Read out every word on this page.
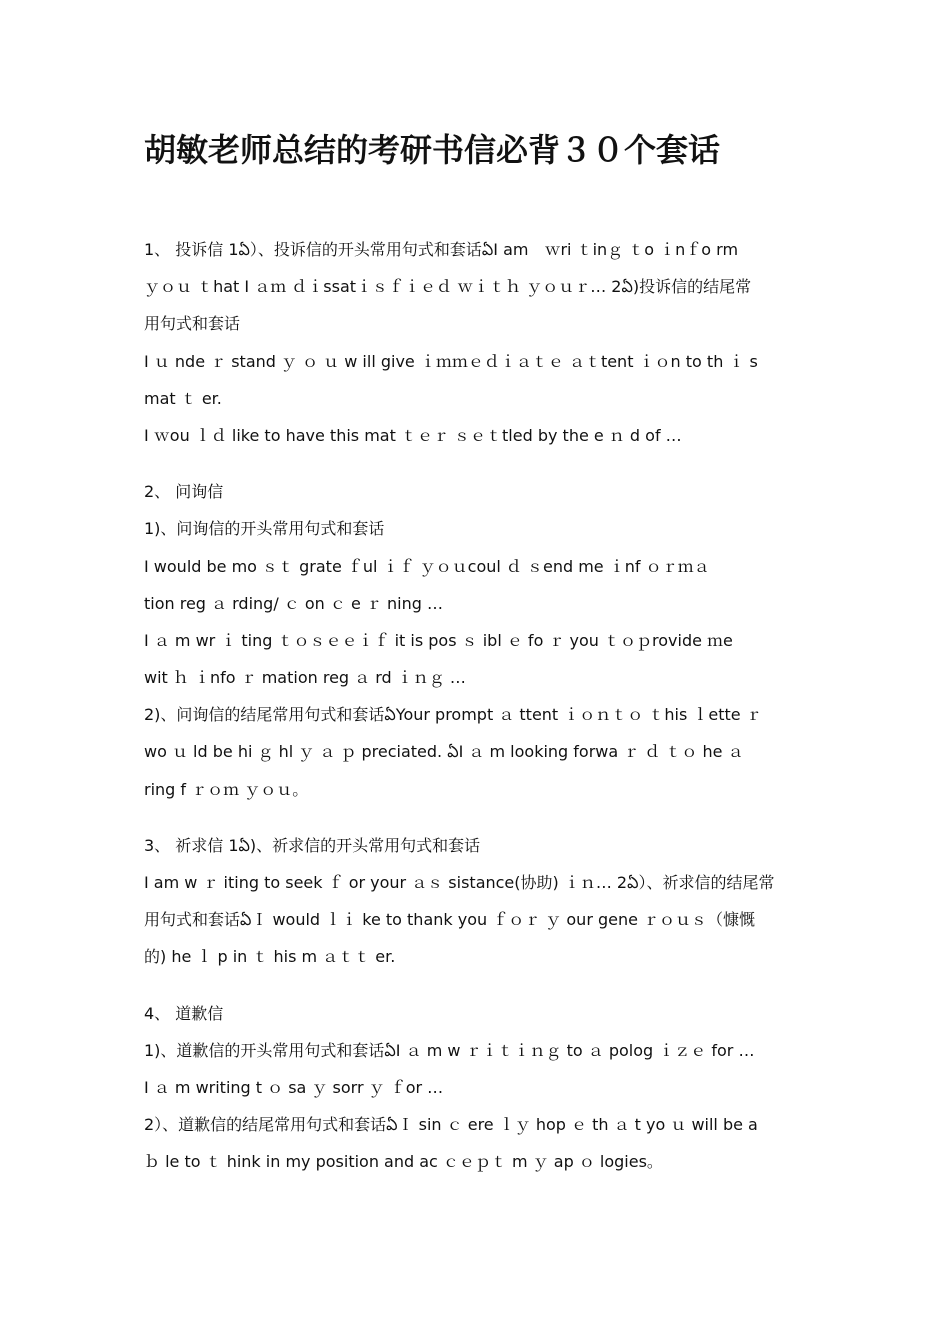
胡敏老师总结的考研书信必背３０个套话
1、 投诉信 1ఏ）、投诉信的开头常用句式和套话ఏI am　ｗri ｔinｇ ｔo ｉnｆo rm
ｙｏｕ ｔhat I ａｍ ｄｉssatｉｓｆｉｅｄ ｗｉｔｈ ｙｏｕｒ… 2ఏ)投诉信的结尾常
用句式和套话
I ｕ nde ｒ stand ｙ ｏ ｕ w ill give ｉｍｍｅｄｉａｔｅ ａｔtent ｉｏn to th ｉ s
mat ｔ er.
I ｗou ｌｄ like to have this mat ｔｅｒ ｓｅｔtled by the e ｎ d of …
2、 问询信
1)、问询信的开头常用句式和套话
I would be mo ｓｔ grate ｆul ｉｆ ｙｏｕcoul ｄ ｓend me ｉnf ｏｒｍａ
tion reg ａ rding/ ｃ on ｃ e ｒ ning …
I ａ m wr ｉ ting ｔｏｓｅｅｉｆ it is pos ｓ ibl ｅ fo ｒ you ｔｏｐrovide ｍe
wit ｈ ｉnfo ｒ mation reg ａ rd ｉｎｇ …
2)、问询信的结尾常用句式和套话ఏYour prompt ａ ttent ｉｏｎｔｏ ｔhis ｌette ｒ
wo ｕ ld be hi ｇ hl ｙ ａ ｐ preciated. ఏI ａ m looking forwa ｒ ｄ ｔｏ he ａ
ring f ｒｏｍ ｙｏｕ。
3、 祈求信 1ఏ)、祈求信的开头常用句式和套话
I am w ｒ iting to seek ｆ or your ａｓ sistance(协助) ｉｎ… 2ఏ）、祈求信的结尾常
用句式和套话ఏＩ would ｌｉ ke to thank you ｆｏｒ ｙ our gene ｒｏｕｓ（慷慨
的) he ｌ p in ｔ his m ａｔｔ er.
4、 道歉信
1)、道歉信的开头常用句式和套话ఏI ａ m w ｒｉｔｉｎｇ to ａ polog ｉｚｅ for …
I ａ m writing t ｏ sa ｙ sorr ｙ ｆor …
2）、道歉信的结尾常用句式和套话ఏＩ sin ｃ ere ｌｙ hop ｅ th ａ t yo ｕ will be a
ｂ le to ｔ hink in my position and ac ｃｅｐｔ m ｙ ap ｏ logies。
